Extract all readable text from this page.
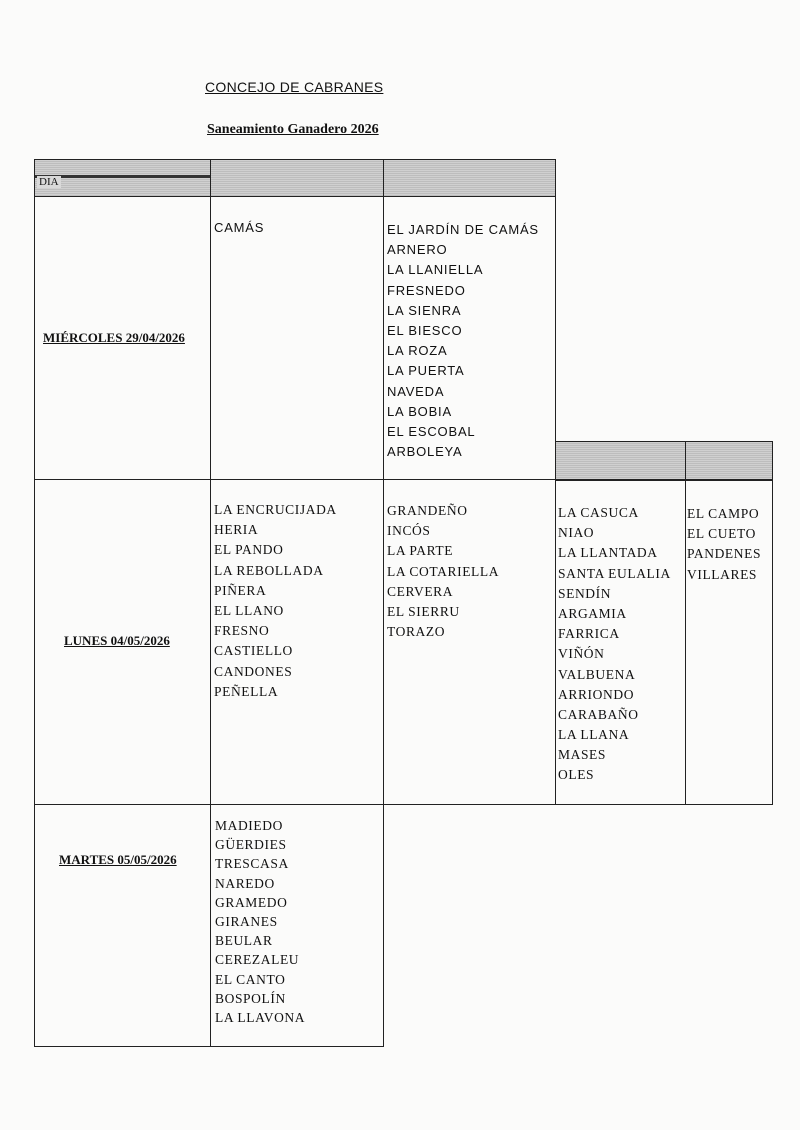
CONCEJO DE CABRANES
Saneamiento Ganadero 2026
DIA
MIÉRCOLES 29/04/2026
CAMÁS	EL JARDÍN DE CAMÁS
ARNERO
LA LLANIELLA
FRESNEDO
LA SIENRA
EL BIESCO
LA ROZA
LA PUERTA
NAVEDA
LA BOBIA
EL ESCOBAL
ARBOLEYA
LUNES 04/05/2026
LA ENCRUCIJADA
HERIA
EL PANDO
LA REBOLLADA
PIÑERA
EL LLANO
FRESNO
CASTIELLO
CANDONES
PEÑELLA
GRANDEÑO
INCÓS
LA PARTE
LA COTARIELLA
CERVERA
EL SIERRU
TORAZO
LA CASUCA
NIAO
LA LLANTADA
SANTA EULALIA
SENDÍN
ARGAMIA
FARRICA
VIÑÓN
VALBUENA
ARRIONDO
CARABAÑO
LA LLANA
MASES
OLES
EL CAMPO
EL CUETO
PANDENES
VILLARES
MARTES 05/05/2026
MADIEDO
GÜERDIES
TRESCASA
NAREDO
GRAMEDO
GIRANES
BEULAR
CEREZALEU
EL CANTO
BOSPOLÍN
LA LLAVONA
